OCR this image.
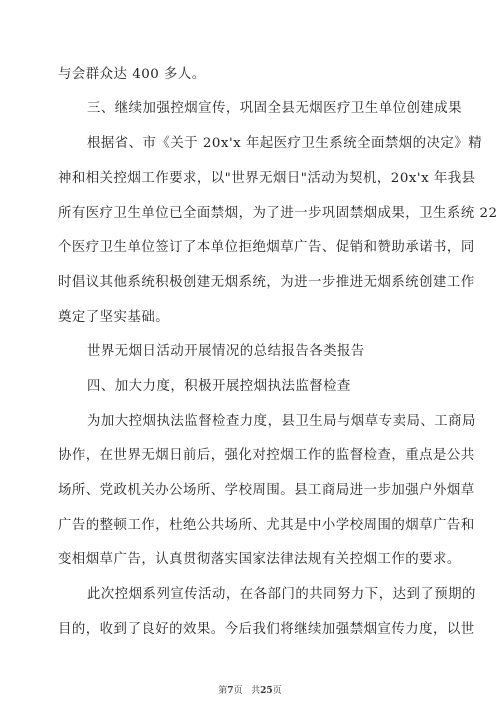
与会群众达 400 多人。
三、继续加强控烟宣传，巩固全县无烟医疗卫生单位创建成果
根据省、市《关于 20x'x 年起医疗卫生系统全面禁烟的决定》精
神和相关控烟工作要求，以"世界无烟日"活动为契机，20x'x 年我县
所有医疗卫生单位已全面禁烟，为了进一步巩固禁烟成果，卫生系统 22
个医疗卫生单位签订了本单位拒绝烟草广告、促销和赞助承诺书，同
时倡议其他系统积极创建无烟系统，为进一步推进无烟系统创建工作
奠定了坚实基础。
世界无烟日活动开展情况的总结报告各类报告
四、加大力度，积极开展控烟执法监督检查
为加大控烟执法监督检查力度，县卫生局与烟草专卖局、工商局
协作，在世界无烟日前后，强化对控烟工作的监督检查，重点是公共
场所、党政机关办公场所、学校周围。县工商局进一步加强户外烟草
广告的整顿工作，杜绝公共场所、尤其是中小学校周围的烟草广告和
变相烟草广告，认真贯彻落实国家法律法规有关控烟工作的要求。
此次控烟系列宣传活动，在各部门的共同努力下，达到了预期的
目的，收到了良好的效果。今后我们将继续加强禁烟宣传力度，以世
第7页   共25页
